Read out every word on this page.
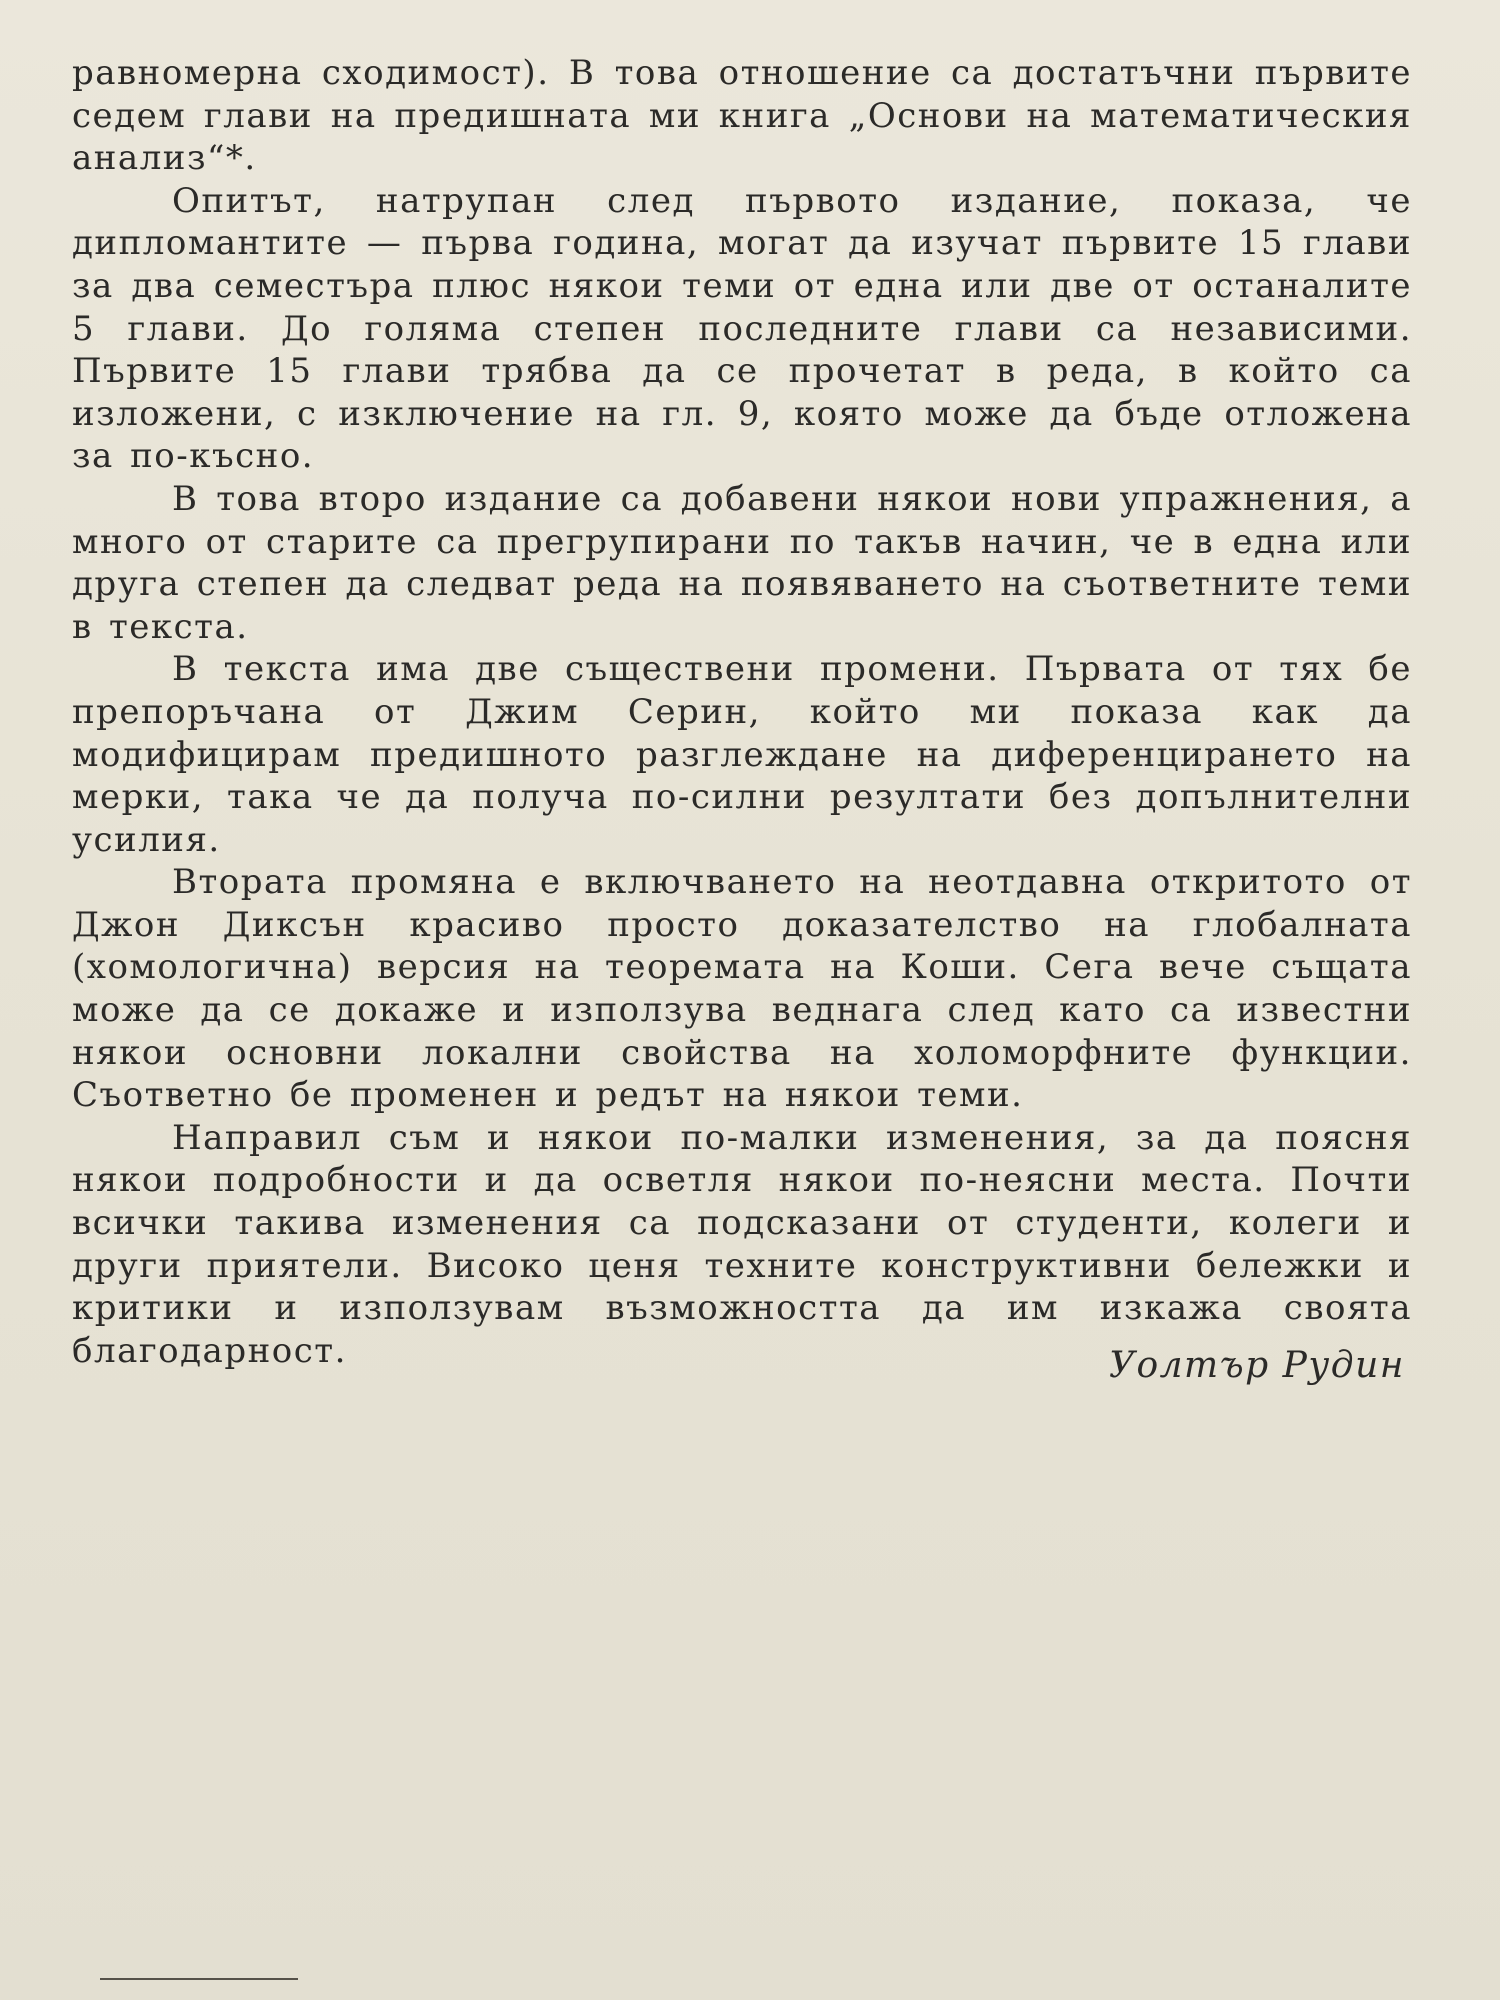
равномерна сходимост). В това отношение са достатъчни първите седем глави на предишната ми книга „Основи на математическия анализ“*.

Опитът, натрупан след първото издание, показа, че дипломантите — първа година, могат да изучат първите 15 глави за два семестъра плюс някои теми от една или две от останалите 5 глави. До голяма степен последните глави са независими. Първите 15 глави трябва да се прочетат в реда, в който са изложени, с изключение на гл. 9, която може да бъде отложена за по-късно.

В това второ издание са добавени някои нови упражнения, а много от старите са прегрупирани по такъв начин, че в една или друга степен да следват реда на появяването на съответните теми в текста.

В текста има две съществени промени. Първата от тях бе препоръчана от Джим Серин, който ми показа как да модифицирам предишното разглеждане на диференцирането на мерки, така че да получа по-силни резултати без допълнителни усилия.

Втората промяна е включването на неотдавна откритото от Джон Диксън красиво просто доказателство на глобалната (хомологична) версия на теоремата на Коши. Сега вече същата може да се докаже и използува веднага след като са известни някои основни локални свойства на холоморфните функции. Съответно бе променен и редът на някои теми.

Направил съм и някои по-малки изменения, за да поясня някои подробности и да осветля някои по-неясни места. Почти всички такива изменения са подсказани от студенти, колеги и други приятели. Високо ценя техните конструктивни бележки и критики и използувам възможността да им изкажа своята благодарност.	Уолтър Рудин
